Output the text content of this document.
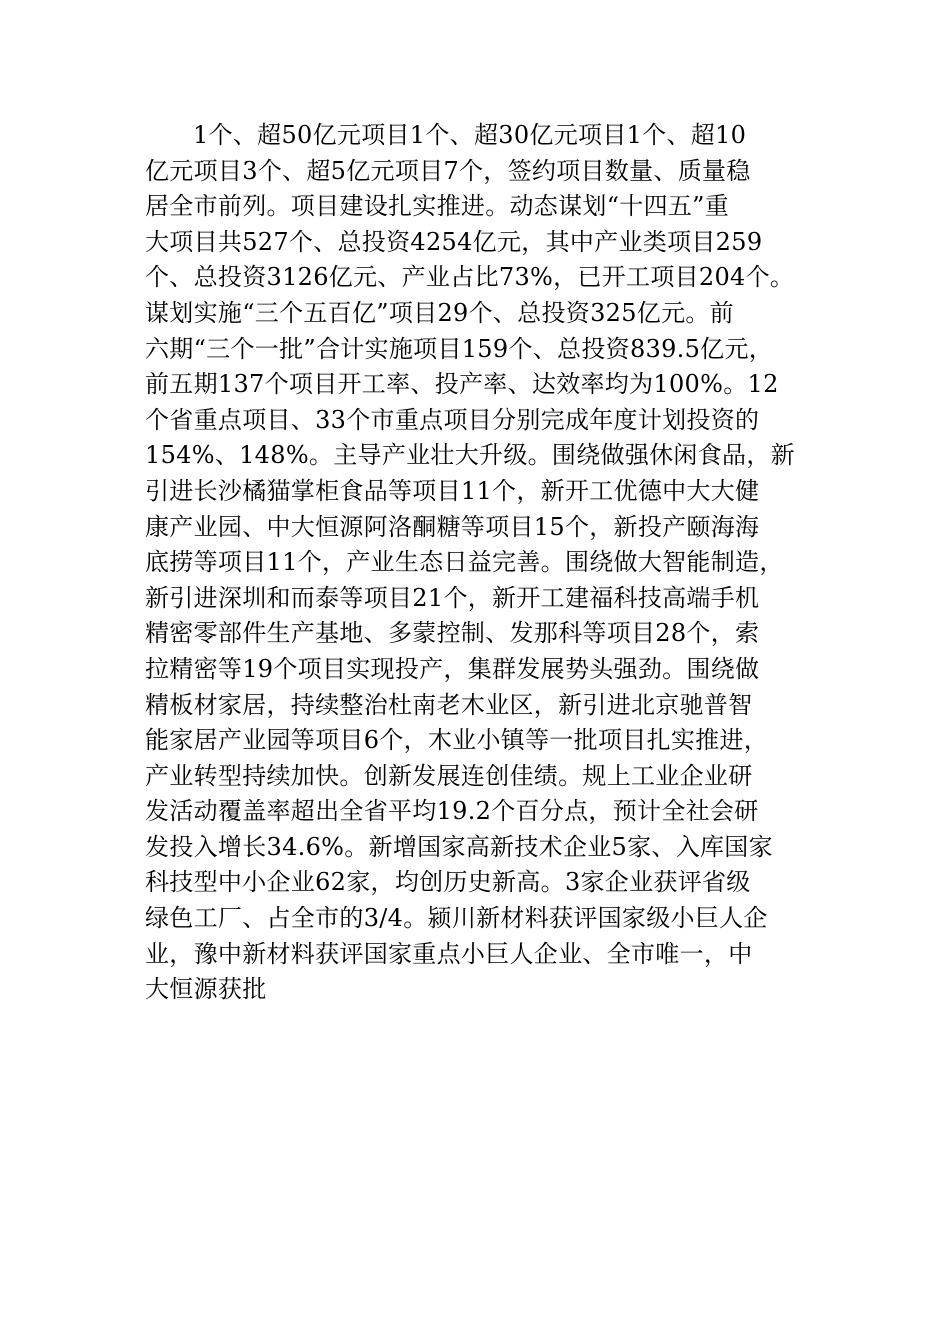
1个、超50亿元项目1个、超30亿元项目1个、超10
亿元项目3个、超5亿元项目7个，签约项目数量、质量稳
居全市前列。项目建设扎实推进。动态谋划“十四五”重
大项目共527个、总投资4254亿元，其中产业类项目259
个、总投资3126亿元、产业占比73%，已开工项目204个。
谋划实施“三个五百亿”项目29个、总投资325亿元。前
六期“三个一批”合计实施项目159个、总投资839.5亿元，
前五期137个项目开工率、投产率、达效率均为100%。12
个省重点项目、33个市重点项目分别完成年度计划投资的
154%、148%。主导产业壮大升级。围绕做强休闲食品，新
引进长沙橘猫掌柜食品等项目11个，新开工优德中大大健
康产业园、中大恒源阿洛酮糖等项目15个，新投产颐海海
底捞等项目11个，产业生态日益完善。围绕做大智能制造，
新引进深圳和而泰等项目21个，新开工建福科技高端手机
精密零部件生产基地、多蒙控制、发那科等项目28个，索
拉精密等19个项目实现投产，集群发展势头强劲。围绕做
精板材家居，持续整治杜南老木业区，新引进北京驰普智
能家居产业园等项目6个，木业小镇等一批项目扎实推进，
产业转型持续加快。创新发展连创佳绩。规上工业企业研
发活动覆盖率超出全省平均19.2个百分点，预计全社会研
发投入增长34.6%。新增国家高新技术企业5家、入库国家
科技型中小企业62家，均创历史新高。3家企业获评省级
绿色工厂、占全市的3/4。颍川新材料获评国家级小巨人企
业，豫中新材料获评国家重点小巨人企业、全市唯一，中
大恒源获批
